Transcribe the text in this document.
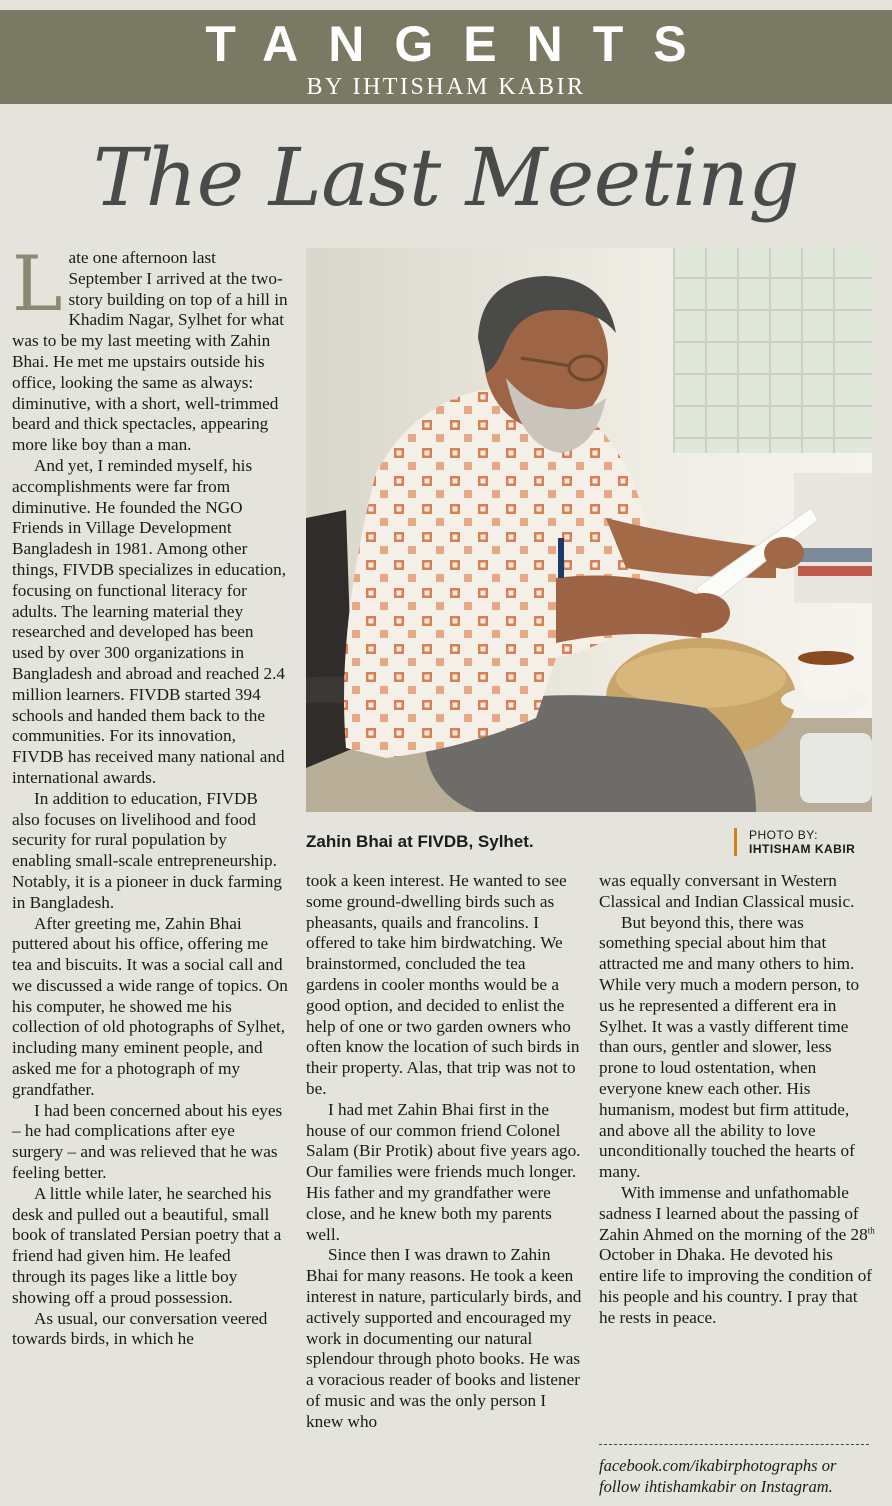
TANGENTS
BY IHTISHAM KABIR
The Last Meeting

Late one afternoon last September I arrived at the two-story building on top of a hill in Khadim Nagar, Sylhet for what was to be my last meeting with Zahin Bhai. He met me upstairs outside his office, looking the same as always: diminutive, with a short, well-trimmed beard and thick spectacles, appearing more like boy than a man.

And yet, I reminded myself, his accomplishments were far from diminutive. He founded the NGO Friends in Village Development Bangladesh in 1981. Among other things, FIVDB specializes in education, focusing on functional literacy for adults. The learning material they researched and developed has been used by over 300 organizations in Bangladesh and abroad and reached 2.4 million learners. FIVDB started 394 schools and handed them back to the communities. For its innovation, FIVDB has received many national and international awards.

In addition to education, FIVDB also focuses on livelihood and food security for rural population by enabling small-scale entrepreneurship. Notably, it is a pioneer in duck farming in Bangladesh.

After greeting me, Zahin Bhai puttered about his office, offering me tea and biscuits. It was a social call and we discussed a wide range of topics. On his computer, he showed me his collection of old photographs of Sylhet, including many eminent people, and asked me for a photograph of my grandfather.

I had been concerned about his eyes – he had complications after eye surgery – and was relieved that he was feeling better.

A little while later, he searched his desk and pulled out a beautiful, small book of translated Persian poetry that a friend had given him. He leafed through its pages like a little boy showing off a proud possession.

As usual, our conversation veered towards birds, in which he

Zahin Bhai at FIVDB, Sylhet.	PHOTO BY:
IHTISHAM KABIR

took a keen interest. He wanted to see some ground-dwelling birds such as pheasants, quails and francolins. I offered to take him birdwatching. We brainstormed, concluded the tea gardens in cooler months would be a good option, and decided to enlist the help of one or two garden owners who often know the location of such birds in their property. Alas, that trip was not to be.

I had met Zahin Bhai first in the house of our common friend Colonel Salam (Bir Protik) about five years ago. Our families were friends much longer. His father and my grandfather were close, and he knew both my parents well.

Since then I was drawn to Zahin Bhai for many reasons. He took a keen interest in nature, particularly birds, and actively supported and encouraged my work in documenting our natural splendour through photo books. He was a voracious reader of books and listener of music and was the only person I knew who

was equally conversant in Western Classical and Indian Classical music.

But beyond this, there was something special about him that attracted me and many others to him. While very much a modern person, to us he represented a different era in Sylhet. It was a vastly different time than ours, gentler and slower, less prone to loud ostentation, when everyone knew each other. His humanism, modest but firm attitude, and above all the ability to love unconditionally touched the hearts of many.

With immense and unfathomable sadness I learned about the passing of Zahin Ahmed on the morning of the 28th October in Dhaka. He devoted his entire life to improving the condition of his people and his country. I pray that he rests in peace.

facebook.com/ikabirphotographs or follow ihtishamkabir on Instagram.
